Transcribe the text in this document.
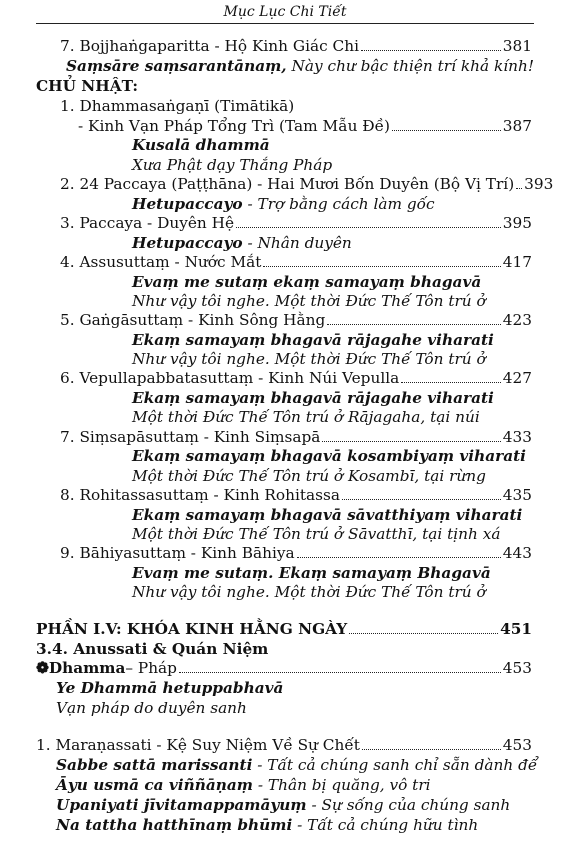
Mục Lục Chi Tiết
7. Bojjhaṅgaparitta - Hộ Kinh Giác Chi	381
Saṃsāre saṃsarantānaṃ, Này chư bậc thiện trí khả kính!
CHỦ NHẬT:
1. Dhammasaṅgaṇī (Timātikā)
- Kinh Vạn Pháp Tổng Trì (Tam Mẫu Đề)	387
Kusalā dhammā
Xưa Phật dạy Thắng Pháp
2. 24 Paccaya (Paṭṭhāna) - Hai Mươi Bốn Duyên (Bộ Vị Trí) 393
Hetupaccayo - Trợ bằng cách làm gốc
3. Paccaya - Duyên Hệ	395
Hetupaccayo - Nhân duyên
4. Assusuttaṃ - Nước Mắt	417
Evaṃ me sutaṃ ekaṃ samayaṃ bhagavā
Như vậy tôi nghe. Một thời Đức Thế Tôn trú ở
5. Gaṅgāsuttaṃ - Kinh Sông Hằng	423
Ekaṃ samayaṃ bhagavā rājagahe viharati
Như vậy tôi nghe. Một thời Đức Thế Tôn trú ở
6. Vepullapabbatasuttaṃ - Kinh Núi Vepulla	427
Ekaṃ samayaṃ bhagavā rājagahe viharati
Một thời Đức Thế Tôn trú ở Rājagaha, tại núi
7. Siṃsapāsuttaṃ - Kinh Siṃsapā	433
Ekaṃ samayaṃ bhagavā kosambiyaṃ viharati
Một thời Đức Thế Tôn trú ở Kosambī, tại rừng
8. Rohitassasuttaṃ - Kinh Rohitassa	435
Ekaṃ samayaṃ bhagavā sāvatthiyaṃ viharati
Một thời Đức Thế Tôn trú ở Sāvatthī, tại tịnh xá
9. Bāhiyasuttaṃ - Kinh Bāhiya	443
Evaṃ me sutaṃ. Ekaṃ samayaṃ Bhagavā
Như vậy tôi nghe. Một thời Đức Thế Tôn trú ở
PHẦN I.V: KHÓA KINH HẰNG NGÀY	451
3.4. Anussati & Quán Niệm
❁Dhamma – Pháp	453
Ye Dhammā hetuppabhavā
Vạn pháp do duyên sanh
1. Maraṇassati - Kệ Suy Niệm Về Sự Chết	453
Sabbe sattā marissanti - Tất cả chúng sanh chỉ sẵn dành để
Āyu usmā ca viññāṇaṃ - Thân bị quăng, vô tri
Upaniyati jīvitamappamāyuṃ - Sự sống của chúng sanh
Na tattha hatthīnaṃ bhūmi - Tất cả chúng hữu tình
